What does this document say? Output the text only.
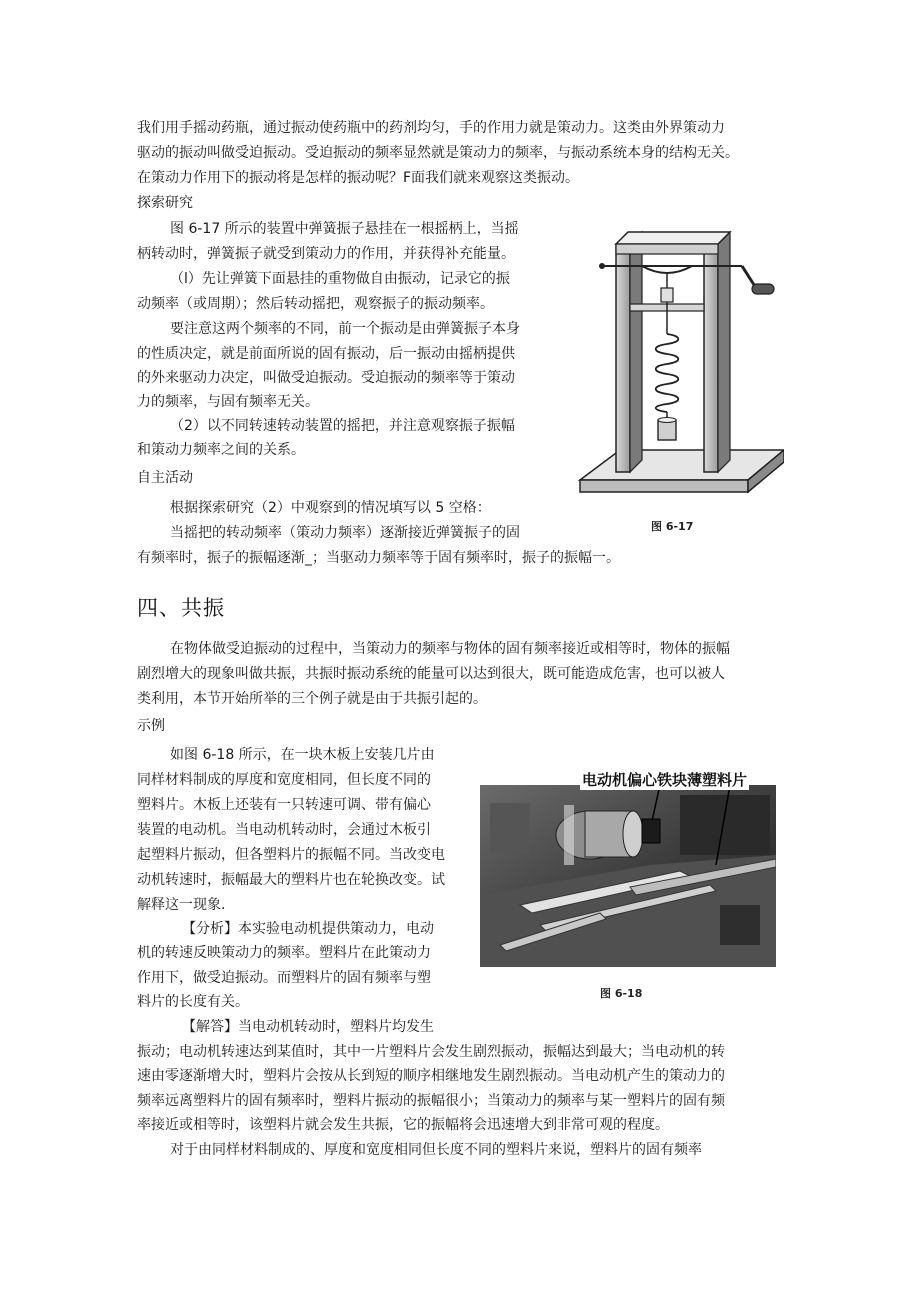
我们用手摇动药瓶，通过振动使药瓶中的药剂均匀，手的作用力就是策动力。这类由外界策动力

驱动的振动叫做受迫振动。受迫振动的频率显然就是策动力的频率，与振动系统本身的结构无关。

在策动力作用下的振动将是怎样的振动呢？F面我们就来观察这类振动。

探索研究

图 6-17 所示的装置中弹簧振子悬挂在一根摇柄上，当摇

柄转动时，弹簧振子就受到策动力的作用，并获得补充能量。

（l）先让弹簧下面悬挂的重物做自由振动，记录它的振

动频率（或周期）；然后转动摇把，观察振子的振动频率。

要注意这两个频率的不同，前一个振动是由弹簧振子本身

的性质决定，就是前面所说的固有振动，后一振动由摇柄提供

的外来驱动力决定，叫做受迫振动。受迫振动的频率等于策动

力的频率，与固有频率无关。

（2）以不同转速转动装置的摇把，并注意观察振子振幅

和策动力频率之间的关系。

图 6-17
自主活动

根据探索研究（2）中观察到的情况填写以 5 空格：

当摇把的转动频率（策动力频率）逐渐接近弹簧振子的固

有频率时，振子的振幅逐渐_；当驱动力频率等于固有频率时，振子的振幅一。

四、共振

在物体做受迫振动的过程中，当策动力的频率与物体的固有频率接近或相等时，物体的振幅

剧烈增大的现象叫做共振，共振时振动系统的能量可以达到很大，既可能造成危害，也可以被人

类利用，本节开始所举的三个例子就是由于共振引起的。

示例

如图 6-18 所示，在一块木板上安装几片由

同样材料制成的厚度和宽度相同，但长度不同的

塑料片。木板上还装有一只转速可调、带有偏心

装置的电动机。当电动机转动时，会通过木板引

起塑料片振动，但各塑料片的振幅不同。当改变电

动机转速时，振幅最大的塑料片也在轮换改变。试

解释这一现象.

【分析】本实验电动机提供策动力，电动

机的转速反映策动力的频率。塑料片在此策动力

作用下，做受迫振动。而塑料片的固有频率与塑

料片的长度有关。

【解答】当电动机转动时，塑料片均发生

电动机偏心铁块薄塑料片
图 6-18

振动；电动机转速达到某值时，其中一片塑料片会发生剧烈振动，振幅达到最大；当电动机的转

速由零逐渐增大时，塑料片会按从长到短的顺序相继地发生剧烈振动。当电动机产生的策动力的

频率远离塑料片的固有频率时，塑料片振动的振幅很小；当策动力的频率与某一塑料片的固有频

率接近或相等时，该塑料片就会发生共振，它的振幅将会迅速增大到非常可观的程度。

对于由同样材料制成的、厚度和宽度相同但长度不同的塑料片来说，塑料片的固有频率
